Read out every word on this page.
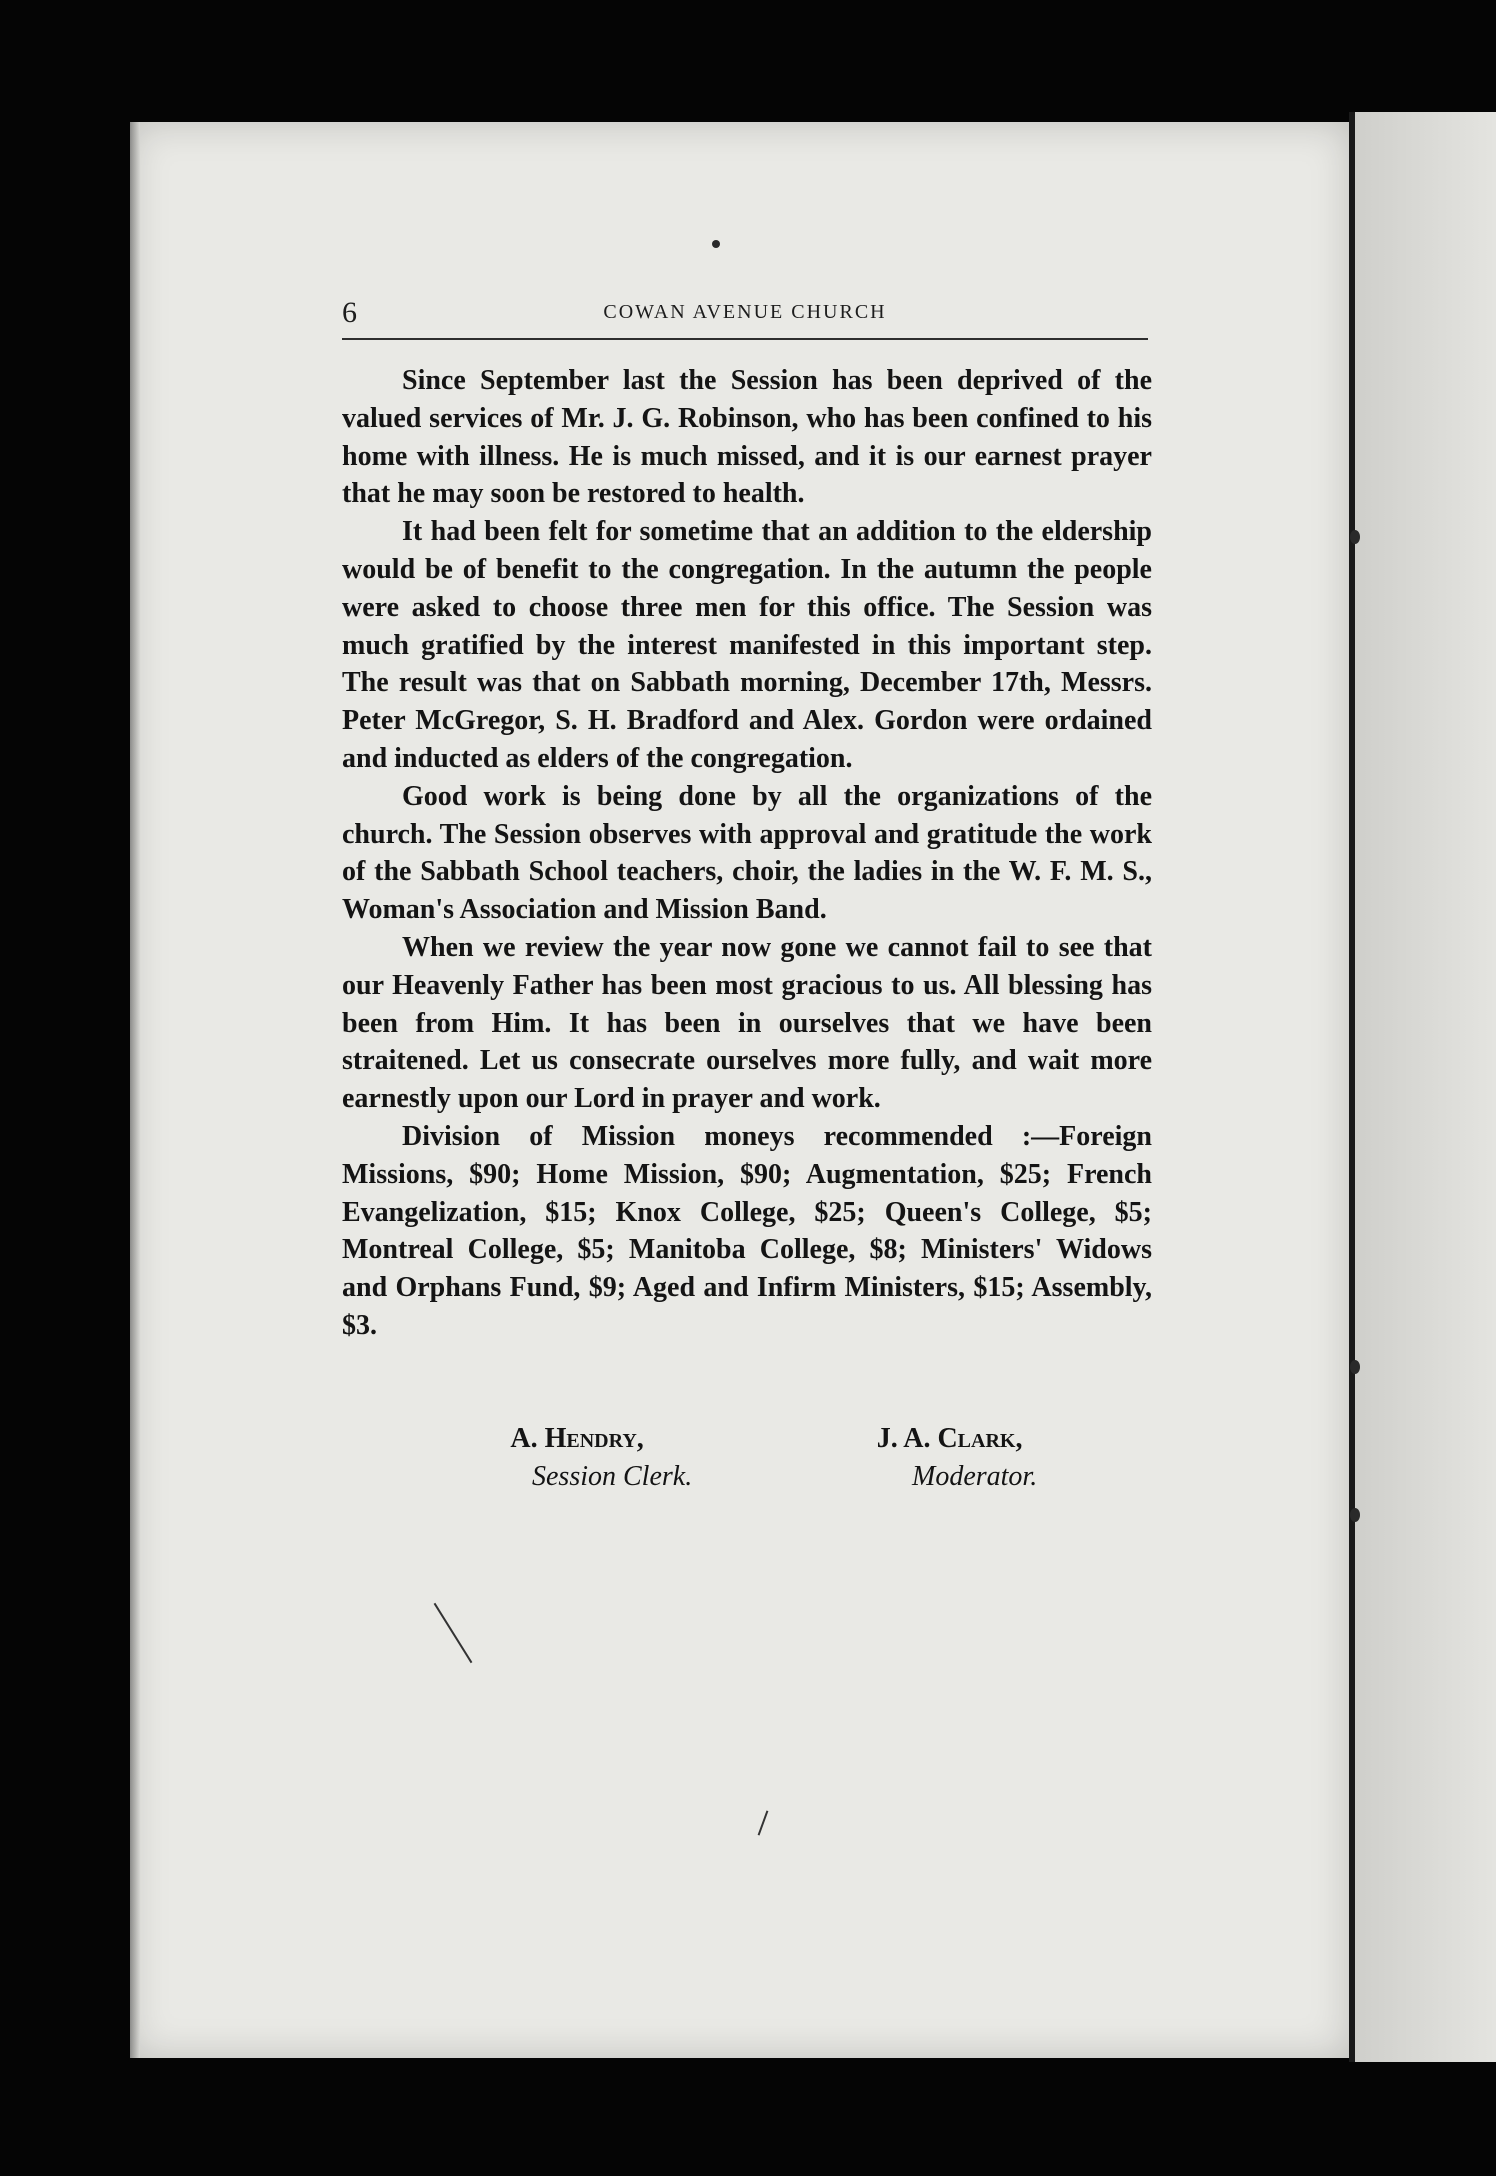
6	COWAN AVENUE CHURCH

Since September last the Session has been deprived of the valued services of Mr. J. G. Robinson, who has been confined to his home with illness. He is much missed, and it is our earnest prayer that he may soon be restored to health.

It had been felt for sometime that an addition to the eldership would be of benefit to the congregation. In the autumn the people were asked to choose three men for this office. The Session was much gratified by the interest manifested in this important step. The result was that on Sabbath morning, December 17th, Messrs. Peter McGregor, S. H. Bradford and Alex. Gordon were ordained and inducted as elders of the congregation.

Good work is being done by all the organizations of the church. The Session observes with approval and gratitude the work of the Sabbath School teachers, choir, the ladies in the W. F. M. S., Woman's Association and Mission Band.

When we review the year now gone we cannot fail to see that our Heavenly Father has been most gracious to us. All blessing has been from Him. It has been in ourselves that we have been straitened. Let us consecrate ourselves more fully, and wait more earnestly upon our Lord in prayer and work.

Division of Mission moneys recommended :—Foreign Missions, $90; Home Mission, $90; Augmentation, $25; French Evangelization, $15; Knox College, $25; Queen's College, $5; Montreal College, $5; Manitoba College, $8; Ministers' Widows and Orphans Fund, $9; Aged and Infirm Ministers, $15; Assembly, $3.

A. Hendry,
Session Clerk.
J. A. Clark,
Moderator.
